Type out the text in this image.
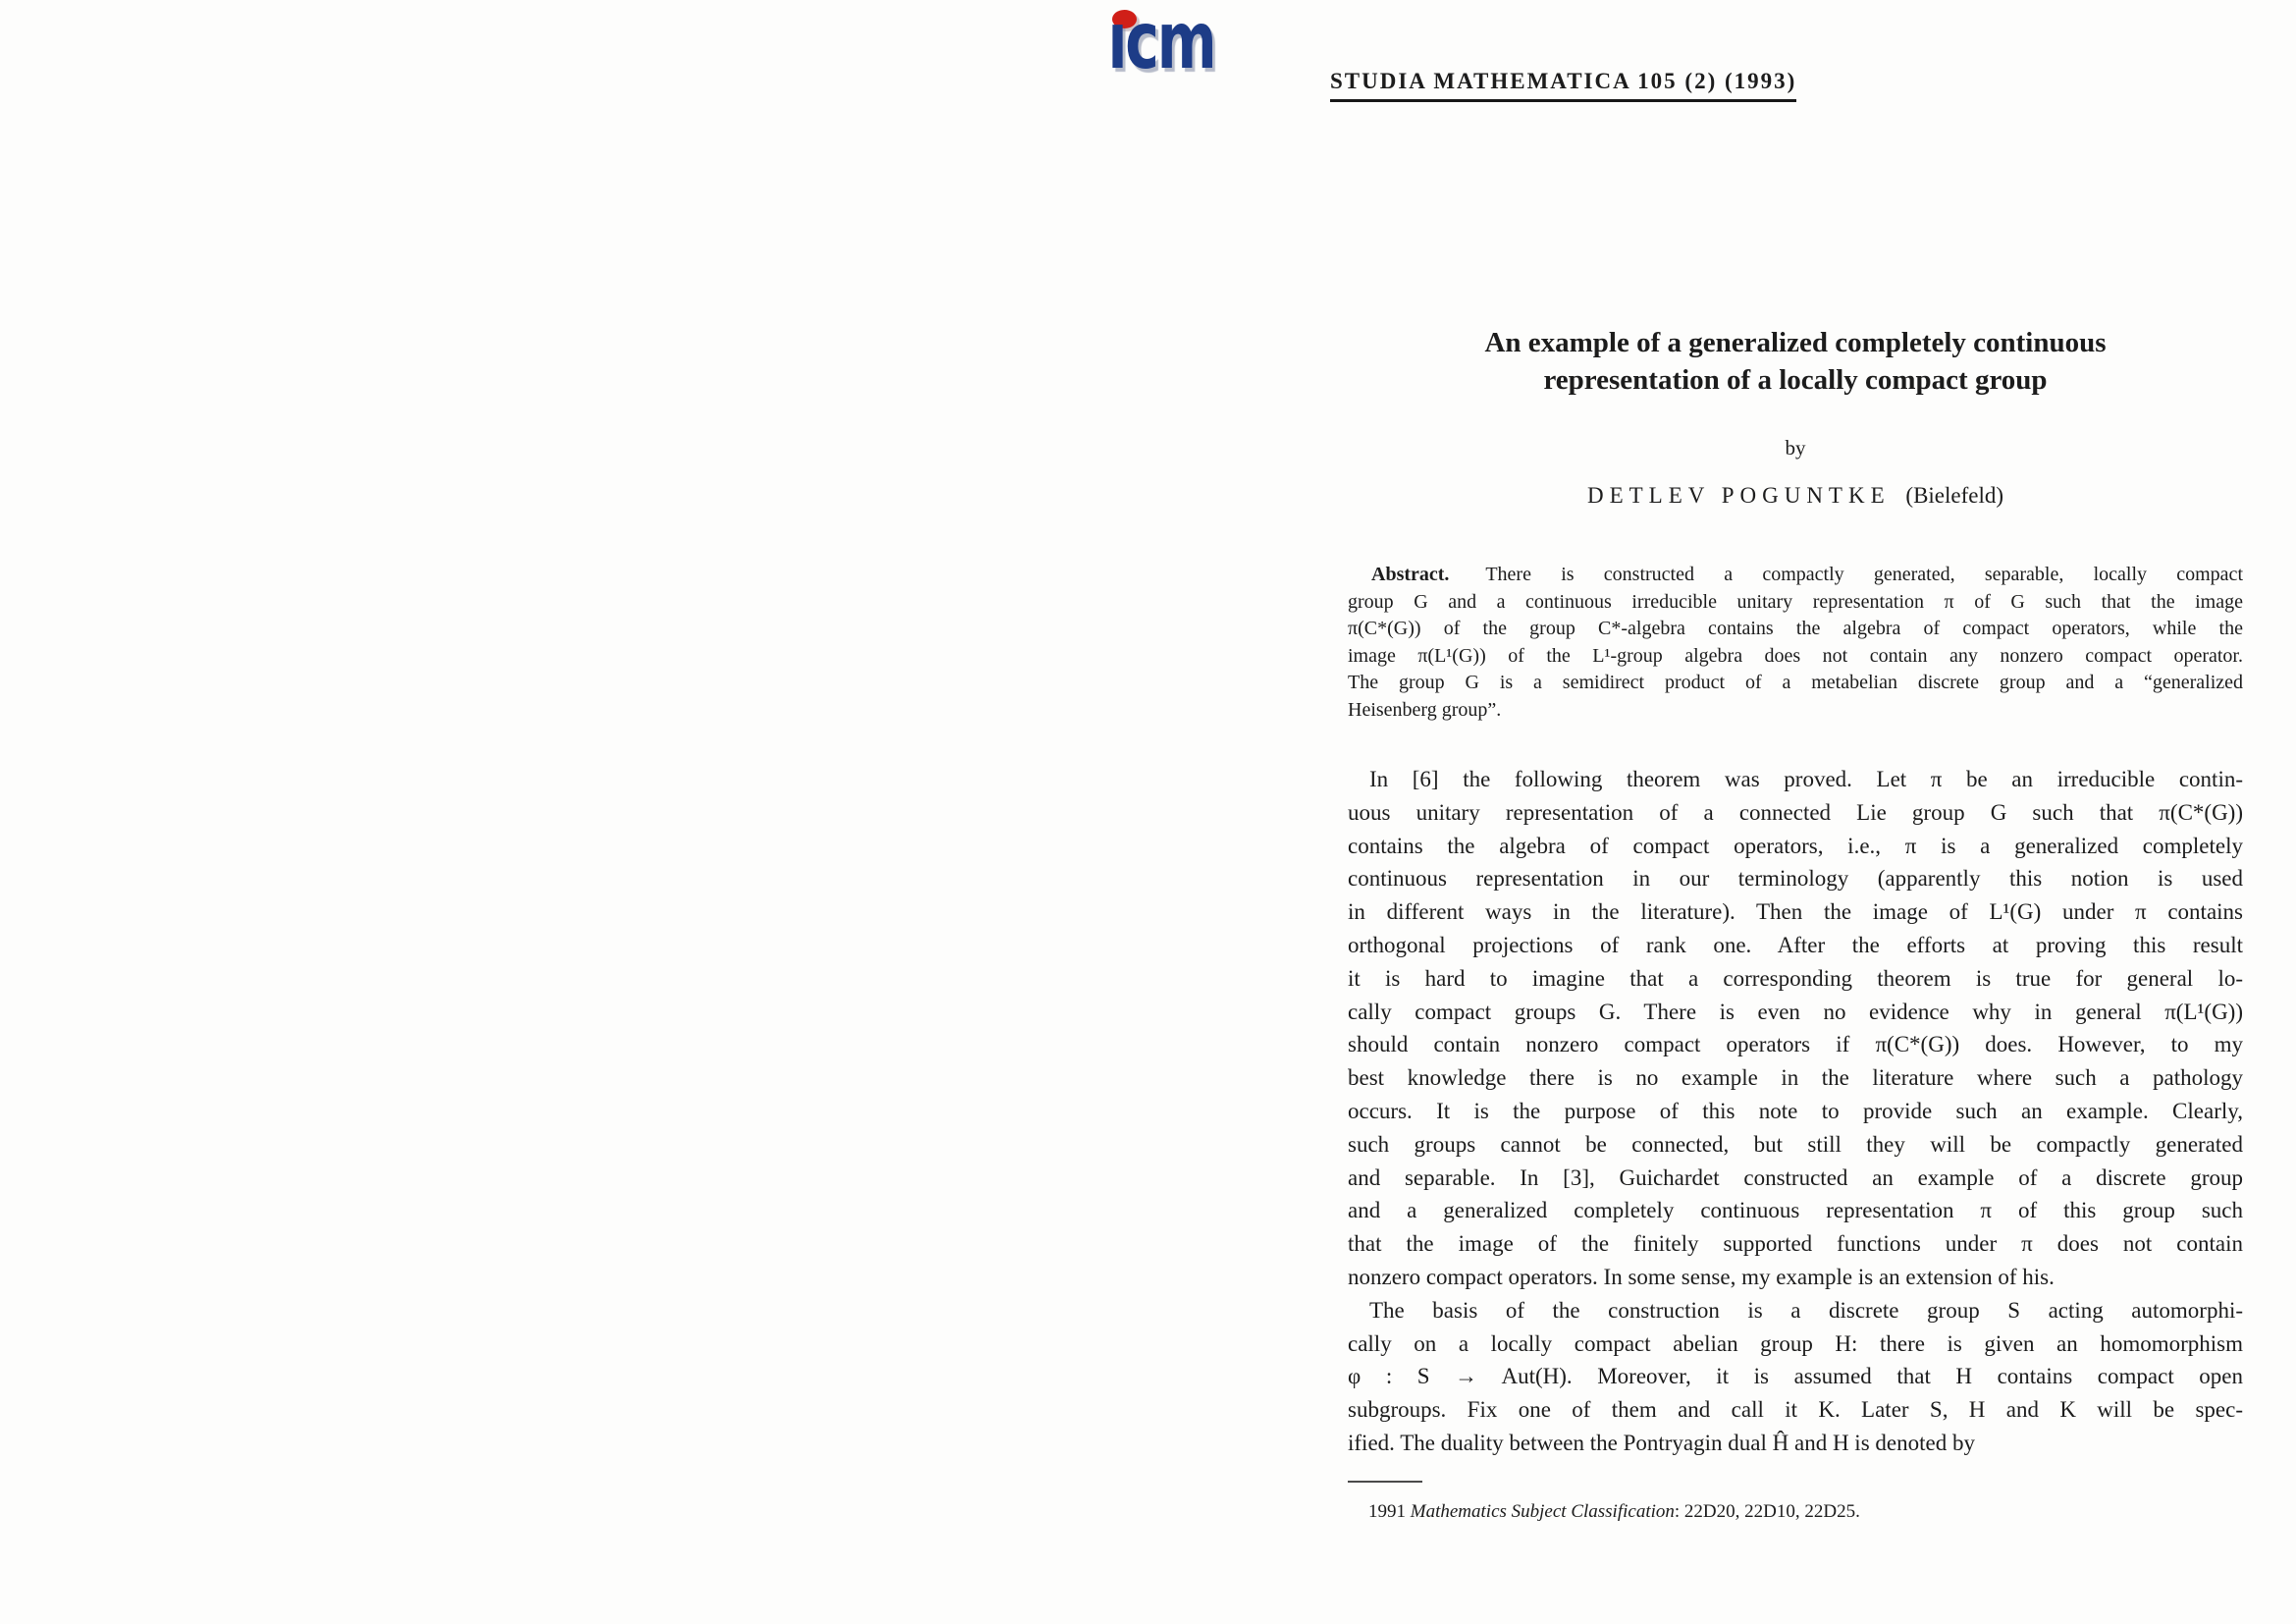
ıcm	STUDIA MATHEMATICA 105 (2) (1993)
An example of a generalized completely continuous
representation of a locally compact group
by
DETLEV POGUNTKE (Bielefeld)
Abstract. There is constructed a compactly generated, separable, locally compact
group G and a continuous irreducible unitary representation π of G such that the image
π(C*(G)) of the group C*-algebra contains the algebra of compact operators, while the
image π(L¹(G)) of the L¹-group algebra does not contain any nonzero compact operator.
The group G is a semidirect product of a metabelian discrete group and a “generalized
Heisenberg group”.
In [6] the following theorem was proved. Let π be an irreducible contin-
uous unitary representation of a connected Lie group G such that π(C*(G))
contains the algebra of compact operators, i.e., π is a generalized completely
continuous representation in our terminology (apparently this notion is used
in different ways in the literature). Then the image of L¹(G) under π contains
orthogonal projections of rank one. After the efforts at proving this result
it is hard to imagine that a corresponding theorem is true for general lo-
cally compact groups G. There is even no evidence why in general π(L¹(G))
should contain nonzero compact operators if π(C*(G)) does. However, to my
best knowledge there is no example in the literature where such a pathology
occurs. It is the purpose of this note to provide such an example. Clearly,
such groups cannot be connected, but still they will be compactly generated
and separable. In [3], Guichardet constructed an example of a discrete group
and a generalized completely continuous representation π of this group such
that the image of the finitely supported functions under π does not contain
nonzero compact operators. In some sense, my example is an extension of his.
The basis of the construction is a discrete group S acting automorphi-
cally on a locally compact abelian group H: there is given an homomorphism
φ : S → Aut(H). Moreover, it is assumed that H contains compact open
subgroups. Fix one of them and call it K. Later S, H and K will be spec-
ified. The duality between the Pontryagin dual Ĥ and H is denoted by
1991 Mathematics Subject Classification: 22D20, 22D10, 22D25.
